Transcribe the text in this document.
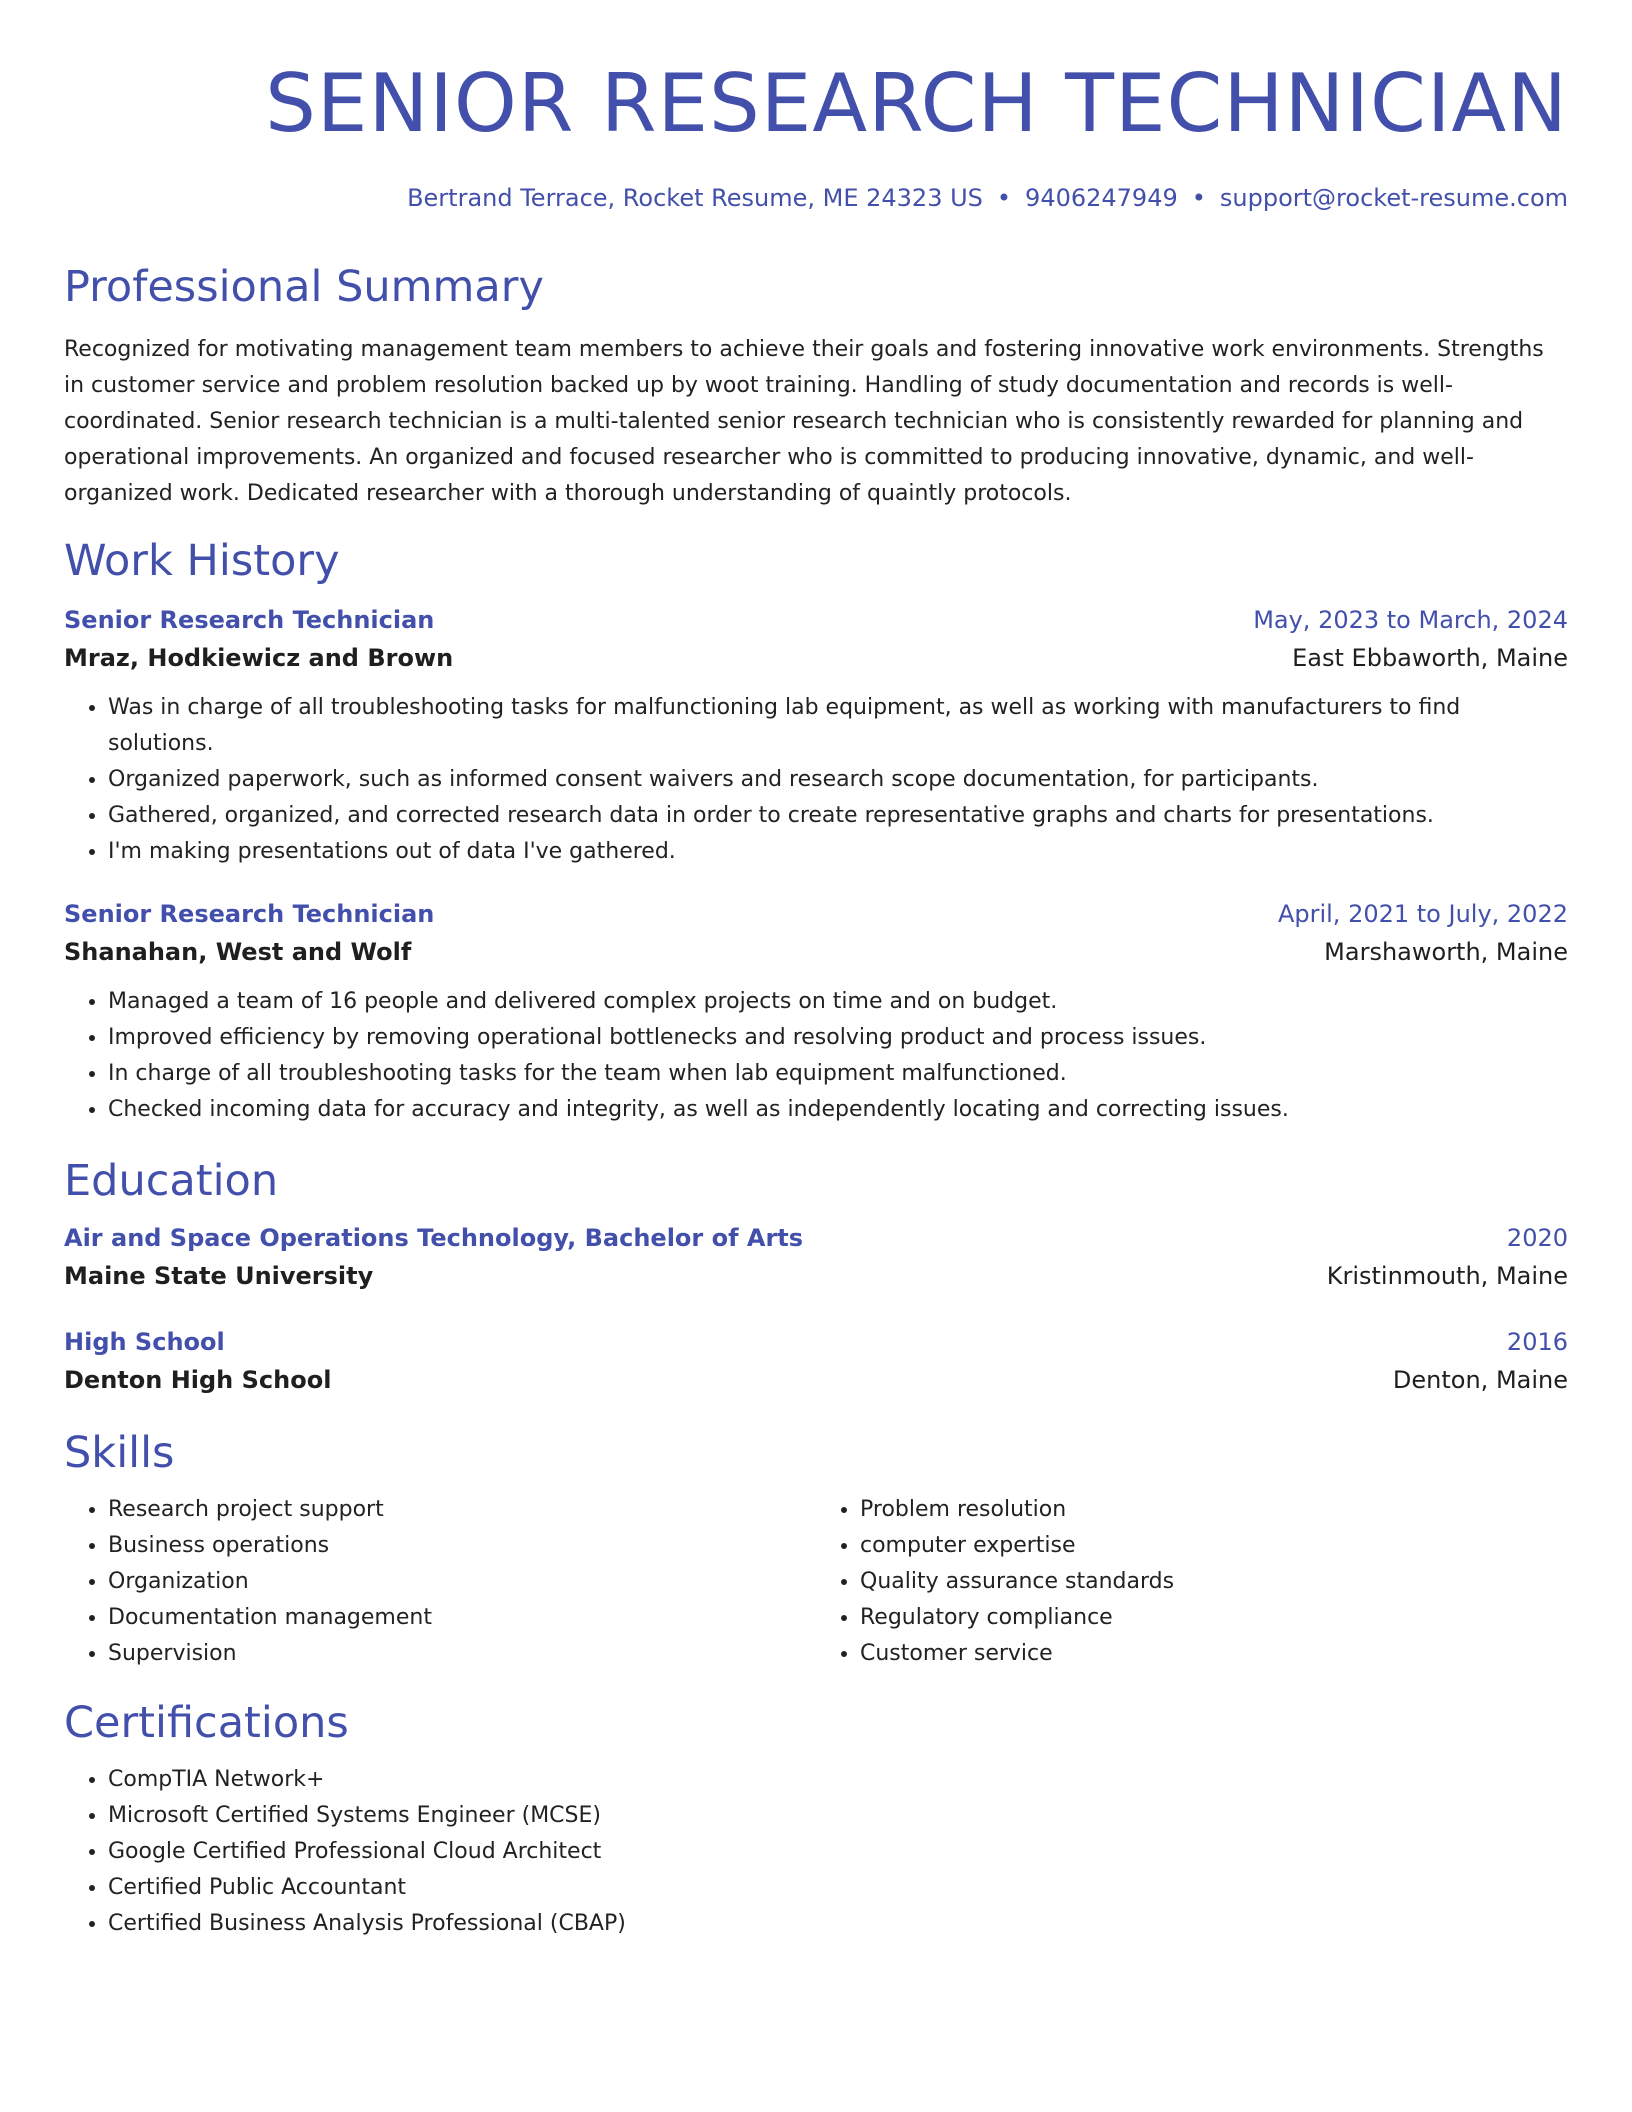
SENIOR RESEARCH TECHNICIAN
Bertrand Terrace, Rocket Resume, ME 24323 US • 9406247949 • support@rocket-resume.com
Professional Summary
Recognized for motivating management team members to achieve their goals and fostering innovative work environments. Strengths in customer service and problem resolution backed up by woot training. Handling of study documentation and records is well-coordinated. Senior research technician is a multi-talented senior research technician who is consistently rewarded for planning and operational improvements. An organized and focused researcher who is committed to producing innovative, dynamic, and well-organized work. Dedicated researcher with a thorough understanding of quaintly protocols.
Work History
Senior Research Technician	May, 2023 to March, 2024
Mraz, Hodkiewicz and Brown	East Ebbaworth, Maine
• Was in charge of all troubleshooting tasks for malfunctioning lab equipment, as well as working with manufacturers to find solutions.
• Organized paperwork, such as informed consent waivers and research scope documentation, for participants.
• Gathered, organized, and corrected research data in order to create representative graphs and charts for presentations.
• I'm making presentations out of data I've gathered.
Senior Research Technician	April, 2021 to July, 2022
Shanahan, West and Wolf	Marshaworth, Maine
• Managed a team of 16 people and delivered complex projects on time and on budget.
• Improved efficiency by removing operational bottlenecks and resolving product and process issues.
• In charge of all troubleshooting tasks for the team when lab equipment malfunctioned.
• Checked incoming data for accuracy and integrity, as well as independently locating and correcting issues.
Education
Air and Space Operations Technology, Bachelor of Arts	2020
Maine State University	Kristinmouth, Maine
High School	2016
Denton High School	Denton, Maine
Skills
• Research project support
• Business operations
• Organization
• Documentation management
• Supervision
• Problem resolution
• computer expertise
• Quality assurance standards
• Regulatory compliance
• Customer service
Certifications
• CompTIA Network+
• Microsoft Certified Systems Engineer (MCSE)
• Google Certified Professional Cloud Architect
• Certified Public Accountant
• Certified Business Analysis Professional (CBAP)
